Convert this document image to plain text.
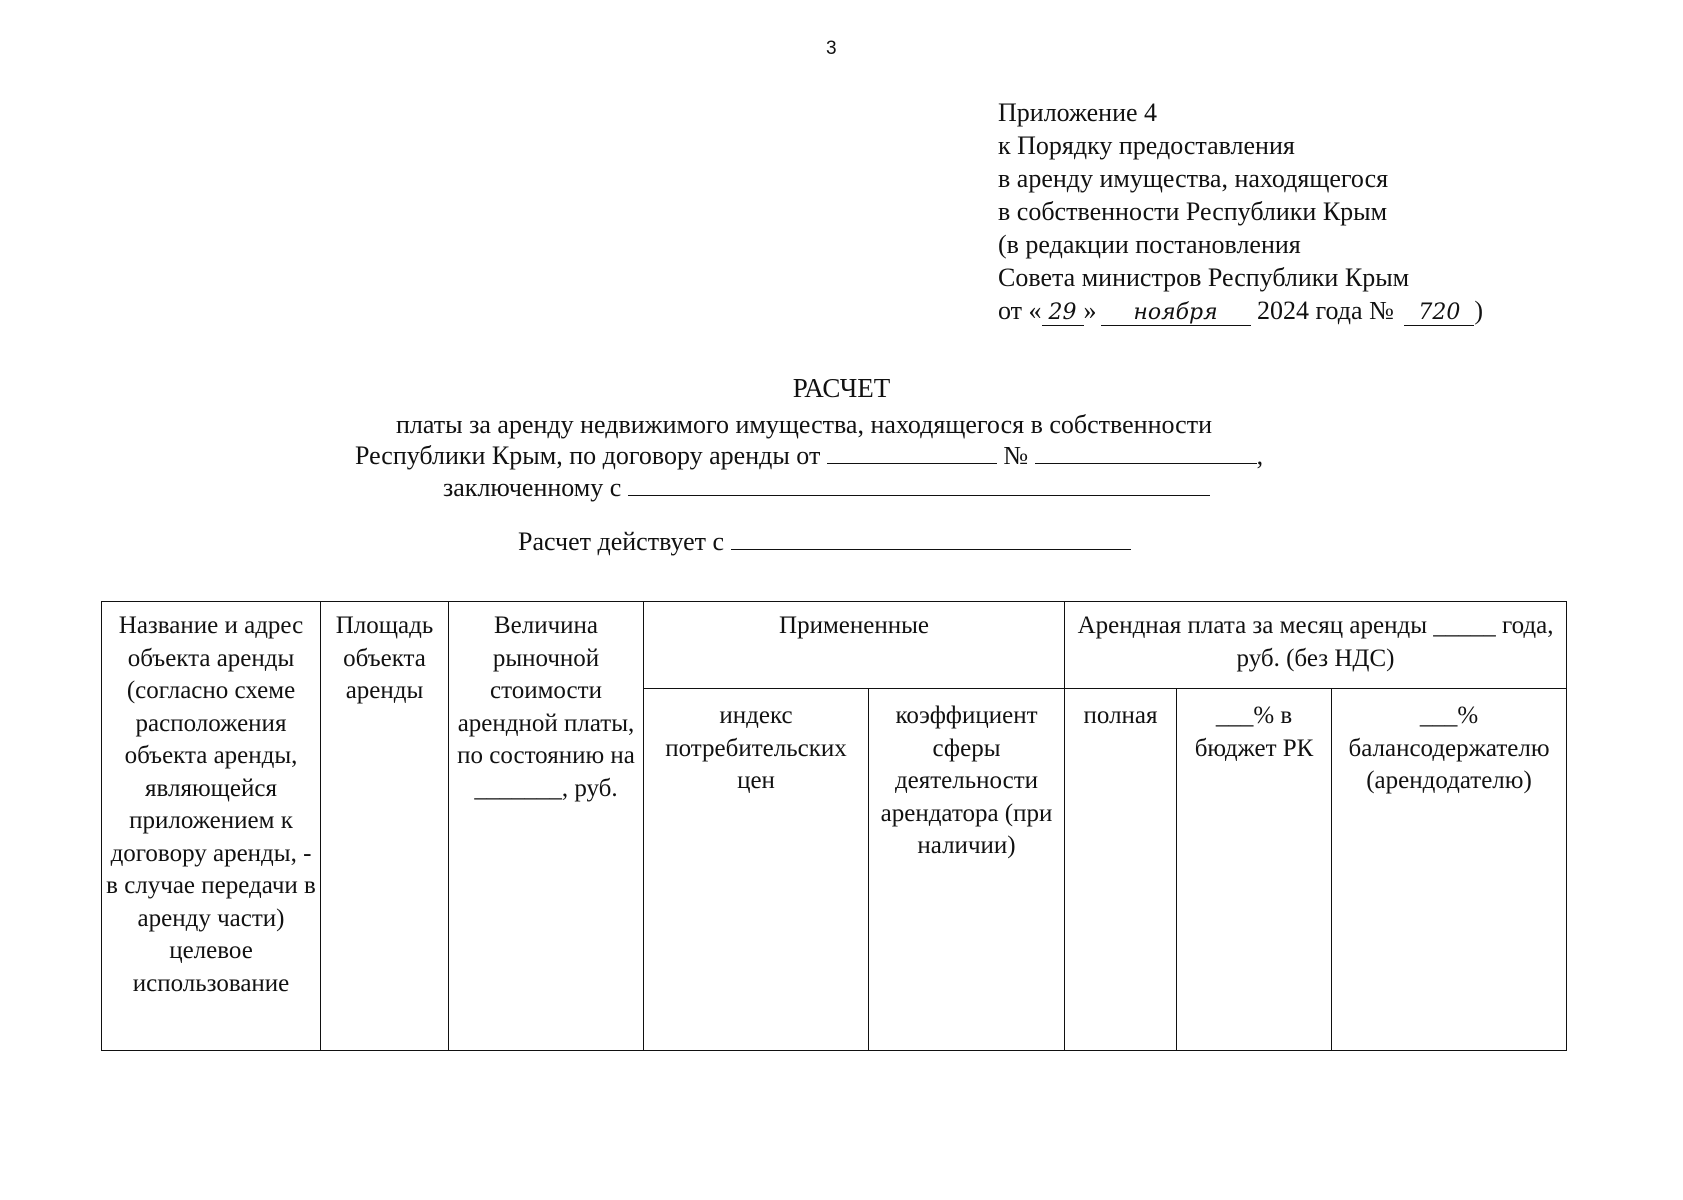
3
Приложение 4
к Порядку предоставления
в аренду имущества, находящегося
в собственности Республики Крым
(в редакции постановления
Совета министров Республики Крым
от « 29 » ноября 2024 года № 720 )
РАСЧЕТ
платы за аренду недвижимого имущества, находящегося в собственности
Республики Крым, по договору аренды от	№	,
заключенному с
Расчет действует с
Название и адрес объекта аренды (согласно схеме расположения объекта аренды, являющейся приложением к договору аренды, - в случае передачи в аренду части) целевое использование	Площадь объекта аренды	Величина рыночной стоимости арендной платы, по состоянию на _______, руб.	Примененные		Арендная плата за месяц аренды _____ года, руб. (без НДС)		
			индекс потребительских цен	коэффициент сферы деятельности арендатора (при наличии)	полная	___% в бюджет РК	___% балансодержателю (арендодателю)
